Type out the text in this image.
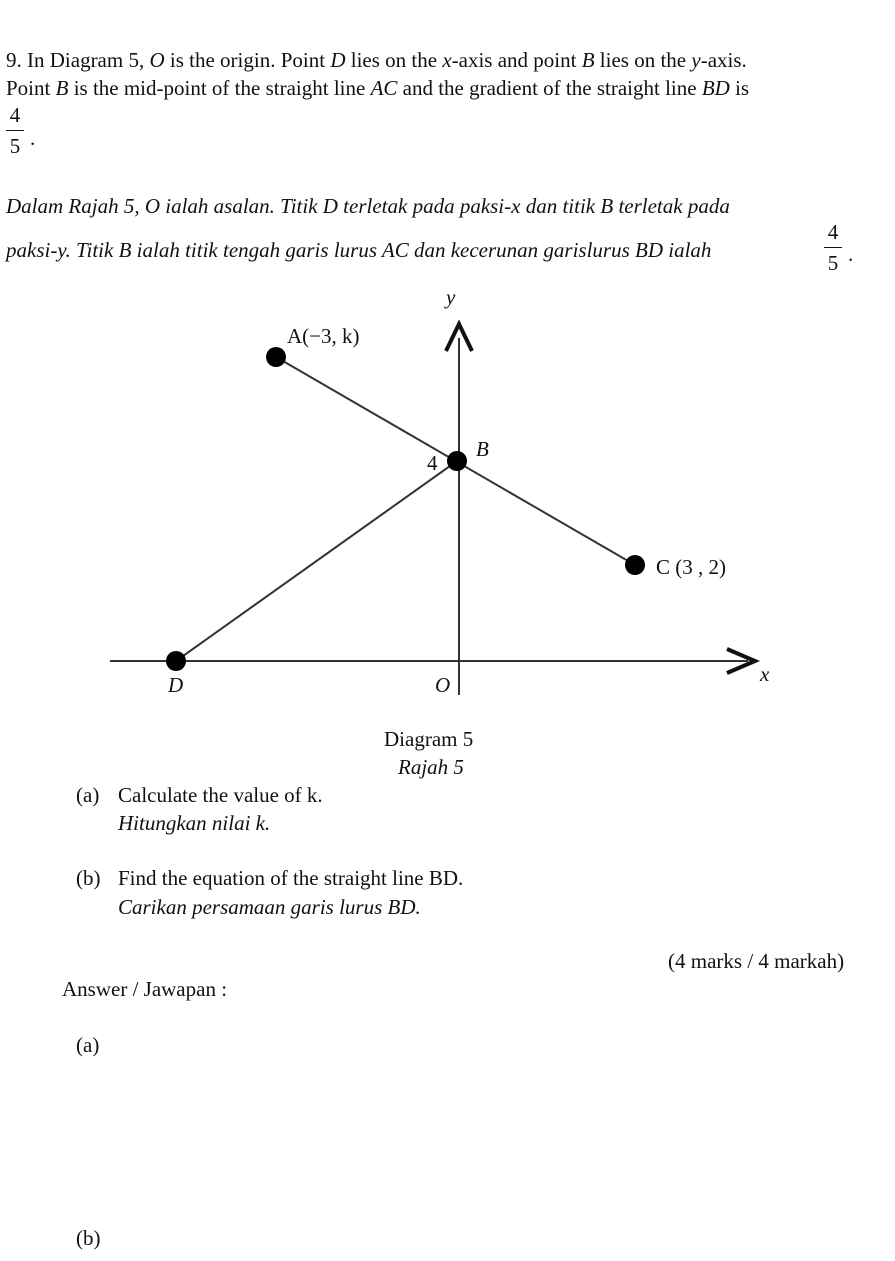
9. In Diagram 5, O is the origin. Point D lies on the x-axis and point B lies on the y-axis.
Point B is the mid-point of the straight line AC and the gradient of the straight line BD is
4
5 .
Dalam Rajah 5, O ialah asalan. Titik D terletak pada paksi-x dan titik B terletak pada
paksi-y. Titik B ialah titik tengah garis lurus AC dan kecerunan garislurus BD ialah
4
5 .
y
x
A(−3, k)
B
4
C (3 , 2)
D	O
Diagram 5
Rajah 5
(a) Calculate the value of k.
Hitungkan nilai k.
(b) Find the equation of the straight line BD.
Carikan persamaan garis lurus BD.
(4 marks / 4 markah)
Answer / Jawapan :
(a)
(b)
